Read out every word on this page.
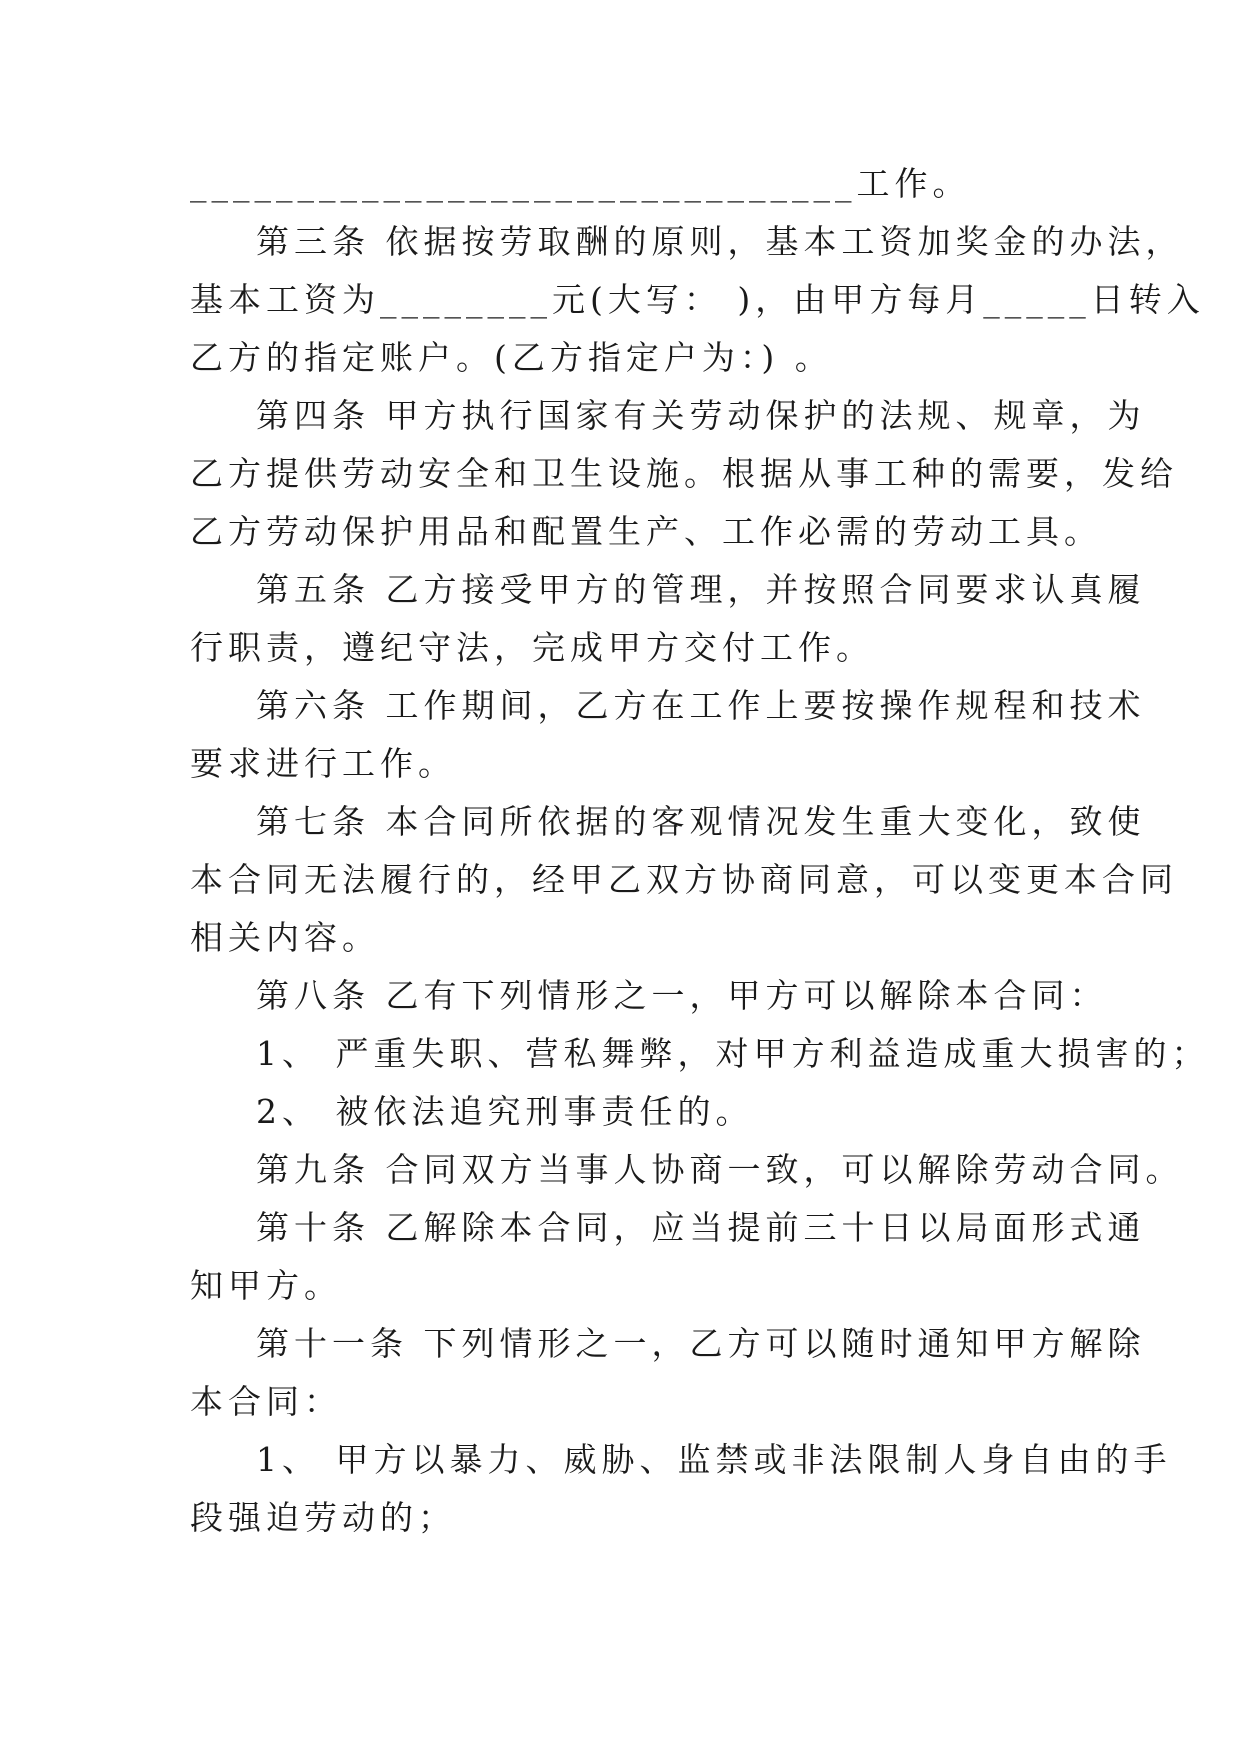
_______________________________工作。
第三条 依据按劳取酬的原则，基本工资加奖金的办法，
基本工资为________元(大写： )，由甲方每月_____日转入
乙方的指定账户。(乙方指定户为：) 。
第四条 甲方执行国家有关劳动保护的法规、规章，为
乙方提供劳动安全和卫生设施。根据从事工种的需要，发给
乙方劳动保护用品和配置生产、工作必需的劳动工具。
第五条 乙方接受甲方的管理，并按照合同要求认真履
行职责，遵纪守法，完成甲方交付工作。
第六条 工作期间，乙方在工作上要按操作规程和技术
要求进行工作。
第七条 本合同所依据的客观情况发生重大变化，致使
本合同无法履行的，经甲乙双方协商同意，可以变更本合同
相关内容。
第八条 乙有下列情形之一，甲方可以解除本合同：
1、 严重失职、营私舞弊，对甲方利益造成重大损害的；
2、 被依法追究刑事责任的。
第九条 合同双方当事人协商一致，可以解除劳动合同。
第十条 乙解除本合同，应当提前三十日以局面形式通
知甲方。
第十一条 下列情形之一，乙方可以随时通知甲方解除
本合同：
1、 甲方以暴力、威胁、监禁或非法限制人身自由的手
段强迫劳动的；
